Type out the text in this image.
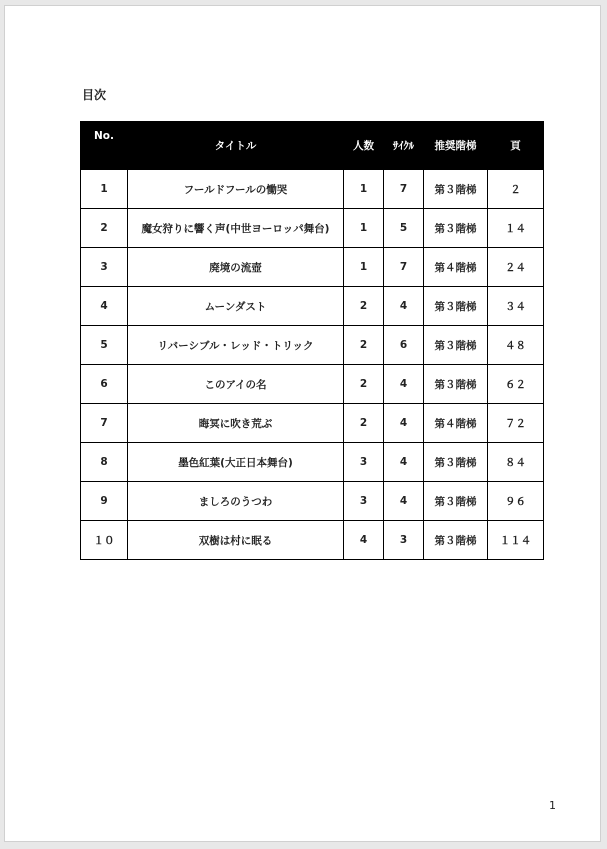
目次
No.	タイトル	人数	ｻｲｸﾙ	推奨階梯	頁
1	フールドフールの慟哭	1	7	第３階梯	２
2	魔女狩りに響く声(中世ヨーロッパ舞台)	1	5	第３階梯	１４
3	廃境の流壺	1	7	第４階梯	２４
4	ムーンダスト	2	4	第３階梯	３４
5	リバーシブル・レッド・トリック	2	6	第３階梯	４８
6	このアイの名	2	4	第３階梯	６２
7	晦冥に吹き荒ぶ	2	4	第４階梯	７２
8	墨色紅葉(大正日本舞台)	3	4	第３階梯	８４
9	ましろのうつわ	3	4	第３階梯	９６
１０	双樹は村に眠る	4	3	第３階梯	１１４
1
